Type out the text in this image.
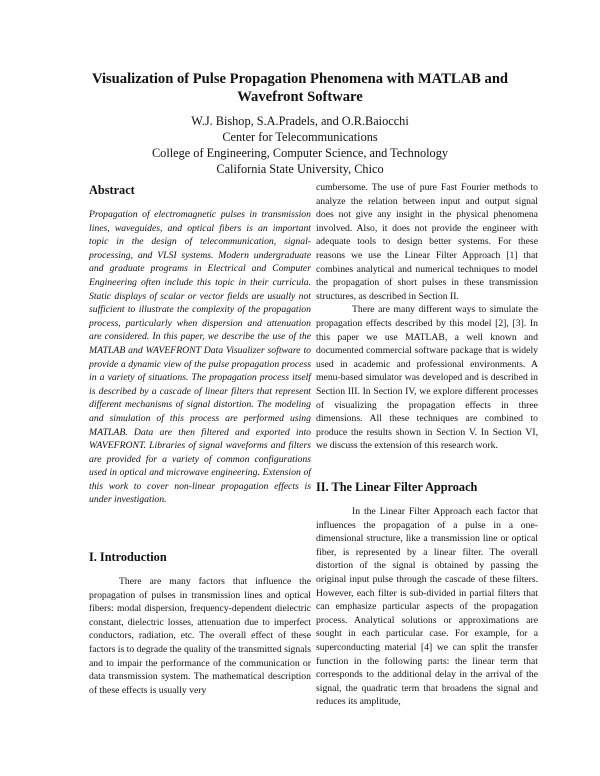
Visualization of Pulse Propagation Phenomena with MATLAB and Wavefront Software
W.J. Bishop, S.A.Pradels, and O.R.Baiocchi
Center for Telecommunications
College of Engineering, Computer Science, and Technology
California State University, Chico
Abstract

Propagation of electromagnetic pulses in transmission lines, waveguides, and optical fibers is an important topic in the design of telecommunication, signal-processing, and VLSI systems. Modern undergraduate and graduate programs in Electrical and Computer Engineering often include this topic in their curricula. Static displays of scalar or vector fields are usually not sufficient to illustrate the complexity of the propagation process, particularly when dispersion and attenuation are considered. In this paper, we describe the use of the MATLAB and WAVEFRONT Data Visualizer software to provide a dynamic view of the pulse propagation process in a variety of situations. The propagation process itself is described by a cascade of linear filters that represent different mechanisms of signal distortion. The modeling and simulation of this process are performed using MATLAB. Data are then filtered and exported into WAVEFRONT. Libraries of signal waveforms and filters are provided for a variety of common configurations used in optical and microwave engineering. Extension of this work to cover non-linear propagation effects is under investigation.

I. Introduction

There are many factors that influence the propagation of pulses in transmission lines and optical fibers: modal dispersion, frequency-dependent dielectric constant, dielectric losses, attenuation due to imperfect conductors, radiation, etc. The overall effect of these factors is to degrade the quality of the transmitted signals and to impair the performance of the communication or data transmission system. The mathematical description of these effects is usually very

cumbersome. The use of pure Fast Fourier methods to analyze the relation between input and output signal does not give any insight in the physical phenomena involved. Also, it does not provide the engineer with adequate tools to design better systems. For these reasons we use the Linear Filter Approach [1] that combines analytical and numerical techniques to model the propagation of short pulses in these transmission structures, as described in Section II.

There are many different ways to simulate the propagation effects described by this model [2], [3]. In this paper we use MATLAB, a well known and documented commercial software package that is widely used in academic and professional environments. A menu-based simulator was developed and is described in Section III. In Section IV, we explore different processes of visualizing the propagation effects in three dimensions. All these techniques are combined to produce the results shown in Section V. In Section VI, we discuss the extension of this research work.

II. The Linear Filter Approach

In the Linear Filter Approach each factor that influences the propagation of a pulse in a one-dimensional structure, like a transmission line or optical fiber, is represented by a linear filter. The overall distortion of the signal is obtained by passing the original input pulse through the cascade of these filters. However, each filter is sub-divided in partial filters that can emphasize particular aspects of the propagation process. Analytical solutions or approximations are sought in each particular case. For example, for a superconducting material [4] we can split the transfer function in the following parts: the linear term that corresponds to the additional delay in the arrival of the signal, the quadratic term that broadens the signal and reduces its amplitude,
